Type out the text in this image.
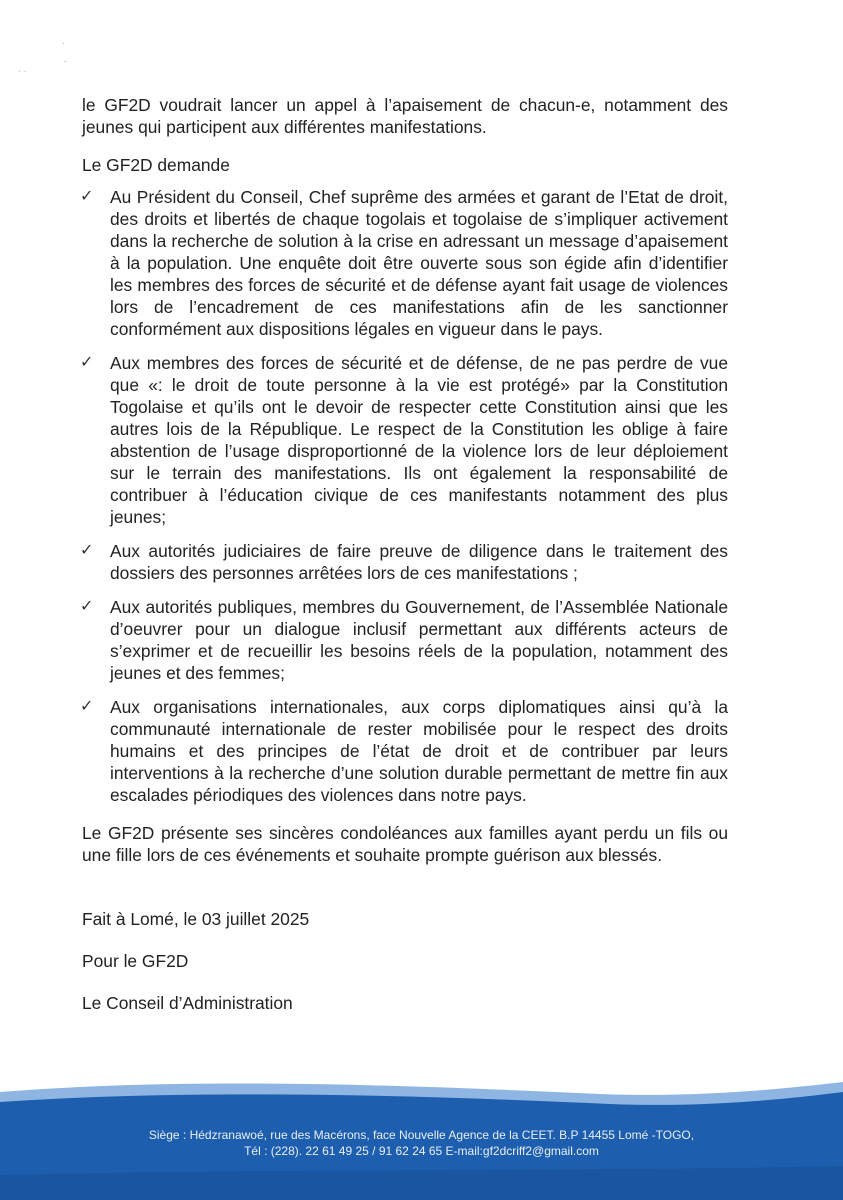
·
· ·
-

le GF2D voudrait lancer un appel à l’apaisement de chacun-e, notamment des jeunes qui participent aux différentes manifestations.

Le GF2D demande

✓ Au Président du Conseil, Chef suprême des armées et garant de l’Etat de droit, des droits et libertés de chaque togolais et togolaise de s’impliquer activement dans la recherche de solution à la crise en adressant un message d’apaisement à la population. Une enquête doit être ouverte sous son égide afin d’identifier les membres des forces de sécurité et de défense ayant fait usage de violences lors de l’encadrement de ces manifestations afin de les sanctionner conformément aux dispositions légales en vigueur dans le pays.
✓ Aux membres des forces de sécurité et de défense, de ne pas perdre de vue que «: le droit de toute personne à la vie est protégé» par la Constitution Togolaise et qu’ils ont le devoir de respecter cette Constitution ainsi que les autres lois de la République. Le respect de la Constitution les oblige à faire abstention de l’usage disproportionné de la violence lors de leur déploiement sur le terrain des manifestations. Ils ont également la responsabilité de contribuer à l’éducation civique de ces manifestants notamment des plus jeunes;
✓ Aux autorités judiciaires de faire preuve de diligence dans le traitement des dossiers des personnes arrêtées lors de ces manifestations ;
✓ Aux autorités publiques, membres du Gouvernement, de l’Assemblée Nationale d’oeuvrer pour un dialogue inclusif permettant aux différents acteurs de s’exprimer et de recueillir les besoins réels de la population, notamment des jeunes et des femmes;
✓ Aux organisations internationales, aux corps diplomatiques ainsi qu’à la communauté internationale de rester mobilisée pour le respect des droits humains et des principes de l’état de droit et de contribuer par leurs interventions à la recherche d’une solution durable permettant de mettre fin aux escalades périodiques des violences dans notre pays.

Le GF2D présente ses sincères condoléances aux familles ayant perdu un fils ou une fille lors de ces événements et souhaite prompte guérison aux blessés.

Fait à Lomé, le 03 juillet 2025

Pour le GF2D

Le Conseil d’Administration

Siège : Hédzranawoé, rue des Macérons, face Nouvelle Agence de la CEET. B.P 14455 Lomé -TOGO,
Tél : (228). 22 61 49 25 / 91 62 24 65 E-mail:gf2dcriff2@gmail.com
